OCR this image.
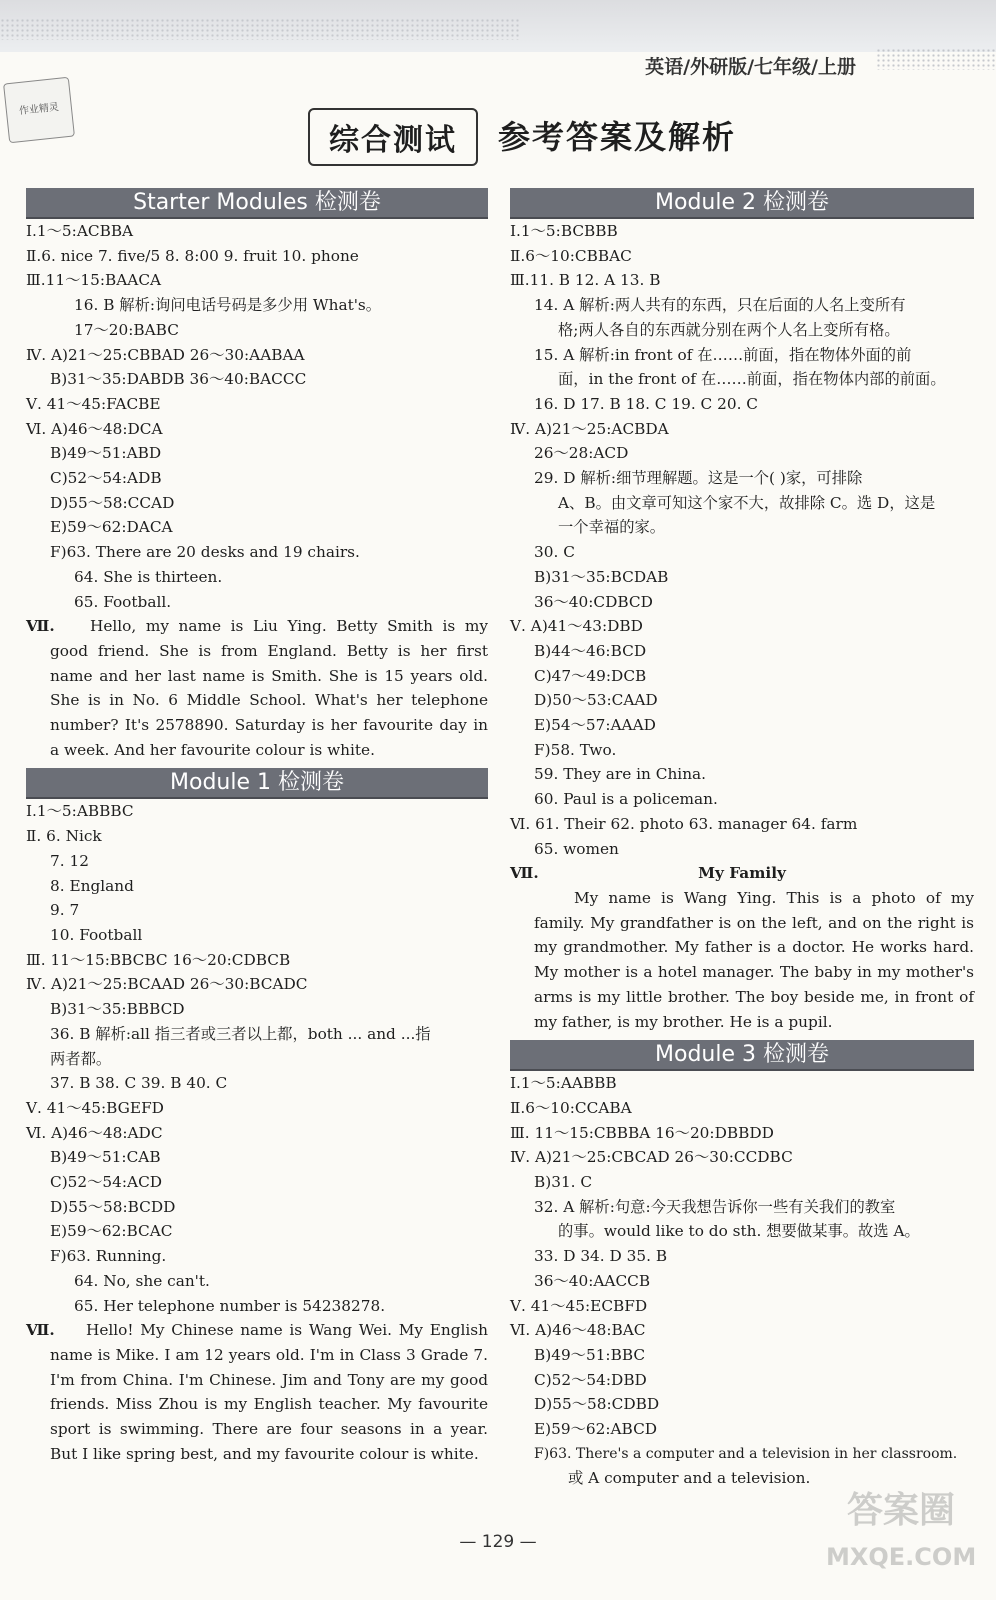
英语/外研版/七年级/上册
作业精灵
综合测试	参考答案及解析
Starter Modules 检测卷
Ⅰ.1～5:ACBBA
Ⅱ.6. nice 7. five/5 8. 8:00 9. fruit 10. phone
Ⅲ.11～15:BAACA
16. B 解析:询问电话号码是多少用 What's。
17～20:BABC
Ⅳ. A)21～25:CBBAD 26～30:AABAA
B)31～35:DABDB 36～40:BACCC
Ⅴ. 41～45:FACBE
Ⅵ. A)46～48:DCA
B)49～51:ABD
C)52～54:ADB
D)55～58:CCAD
E)59～62:DACA
F)63. There are 20 desks and 19 chairs.
64. She is thirteen.
65. Football.
Ⅶ.	Hello, my name is Liu Ying. Betty Smith is my good friend. She is from England. Betty is her first name and her last name is Smith. She is 15 years old. She is in No. 6 Middle School. What's her telephone number? It's 2578890. Saturday is her favourite day in a week. And her favourite colour is white.
Module 1 检测卷
Ⅰ.1～5:ABBBC
Ⅱ. 6. Nick
7. 12
8. England
9. 7
10. Football
Ⅲ. 11～15:BBCBC 16～20:CDBCB
Ⅳ. A)21～25:BCAAD 26～30:BCADC
B)31～35:BBBCD
36. B 解析:all 指三者或三者以上都，both ... and ...指
两者都。
37. B 38. C 39. B 40. C
Ⅴ. 41～45:BGEFD
Ⅵ. A)46～48:ADC
B)49～51:CAB
C)52～54:ACD
D)55～58:BCDD
E)59～62:BCAC
F)63. Running.
64. No, she can't.
65. Her telephone number is 54238278.
Ⅶ.	Hello! My Chinese name is Wang Wei. My English name is Mike. I am 12 years old. I'm in Class 3 Grade 7. I'm from China. I'm Chinese. Jim and Tony are my good friends. Miss Zhou is my English teacher. My favourite sport is swimming. There are four seasons in a year. But I like spring best, and my favourite colour is white.
Module 2 检测卷
Ⅰ.1～5:BCBBB
Ⅱ.6～10:CBBAC
Ⅲ.11. B 12. A 13. B
14. A 解析:两人共有的东西，只在后面的人名上变所有
格;两人各自的东西就分别在两个人名上变所有格。
15. A 解析:in front of 在……前面，指在物体外面的前
面，in the front of 在……前面，指在物体内部的前面。
16. D 17. B 18. C 19. C 20. C
Ⅳ. A)21～25:ACBDA
26～28:ACD
29. D 解析:细节理解题。这是一个( )家，可排除
A、B。由文章可知这个家不大，故排除 C。选 D，这是
一个幸福的家。
30. C
B)31～35:BCDAB
36～40:CDBCD
Ⅴ. A)41～43:DBD
B)44～46:BCD
C)47～49:DCB
D)50～53:CAAD
E)54～57:AAAD
F)58. Two.
59. They are in China.
60. Paul is a policeman.
Ⅵ. 61. Their 62. photo 63. manager 64. farm
65. women
Ⅶ.	My Family
My name is Wang Ying. This is a photo of my family. My grandfather is on the left, and on the right is my grandmother. My father is a doctor. He works hard. My mother is a hotel manager. The baby in my mother's arms is my little brother. The boy beside me, in front of my father, is my brother. He is a pupil.
Module 3 检测卷
Ⅰ.1～5:AABBB
Ⅱ.6～10:CCABA
Ⅲ. 11～15:CBBBA 16～20:DBBDD
Ⅳ. A)21～25:CBCAD 26～30:CCDBC
B)31. C
32. A 解析:句意:今天我想告诉你一些有关我们的教室
的事。would like to do sth. 想要做某事。故选 A。
33. D 34. D 35. B
36～40:AACCB
Ⅴ. 41～45:ECBFD
Ⅵ. A)46～48:BAC
B)49～51:BBC
C)52～54:DBD
D)55～58:CDBD
E)59～62:ABCD
F)63. There's a computer and a television in her classroom.
或 A computer and a television.
— 129 —
答案圈
MXQE.COM
